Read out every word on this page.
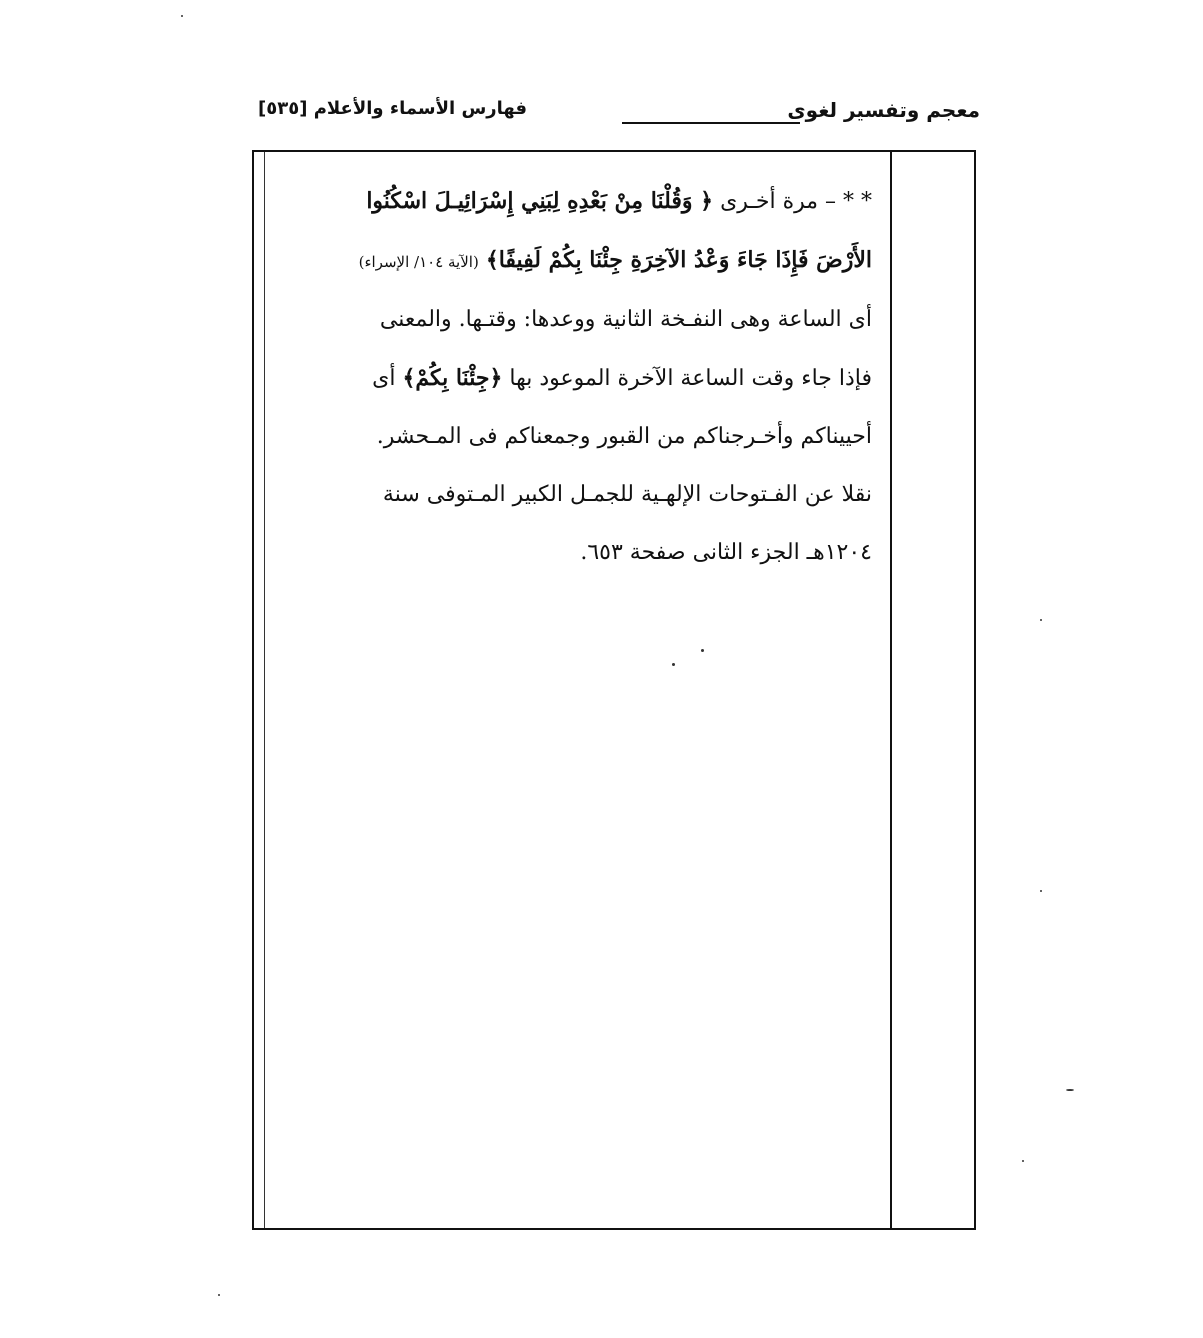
معجم وتفسير لغوى
فهارس الأسماء والأعلام [٥٣٥]
* * – مرة أخـرى ﴿ وَقُلْنَا مِنْ بَعْدِهِ لِبَنِي إِسْرَائِيـلَ اسْكُنُوا
الأَرْضَ فَإِذَا جَاءَ وَعْدُ الآخِرَةِ جِئْنَا بِكُمْ لَفِيفًا﴾ (الآية ١٠٤/ الإسراء)
أى الساعة وهى النفـخة الثانية ووعدها: وقتـها. والمعنى
فإذا جاء وقت الساعة الآخرة الموعود بها ﴿جِئْنَا بِكُمْ﴾ أى
أحييناكم وأخـرجناكم من القبور وجمعناكم فى المـحشر.
نقلا عن الفـتوحات الإلهـية للجمـل الكبير المـتوفى سنة
١٢٠٤هـ الجزء الثانى صفحة ٦٥٣.
